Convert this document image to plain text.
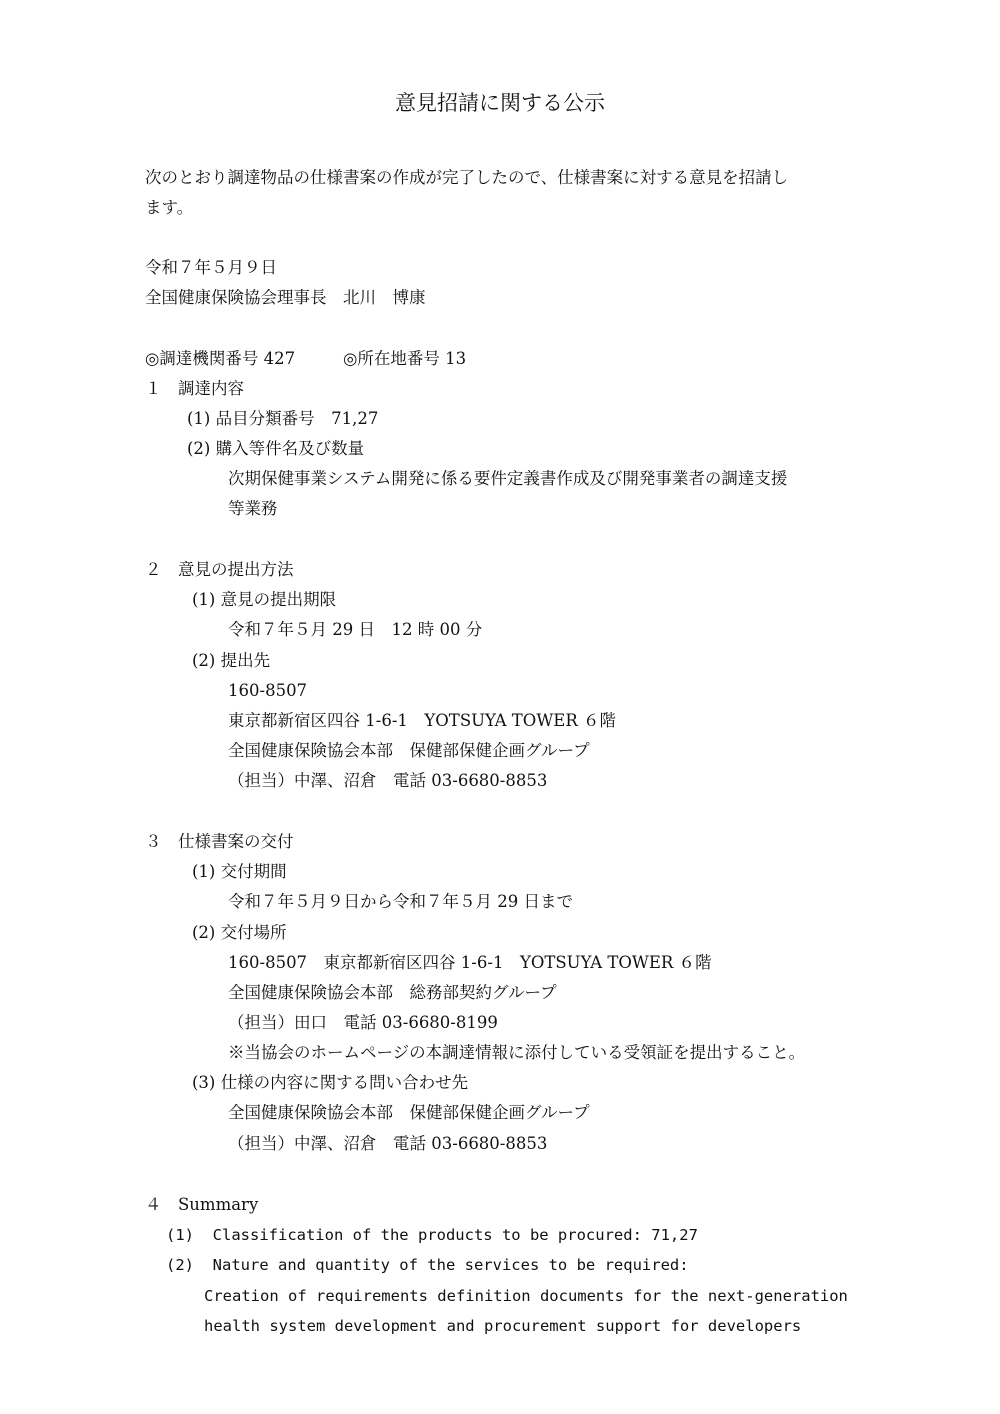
意見招請に関する公示
次のとおり調達物品の仕様書案の作成が完了したので、仕様書案に対する意見を招請し
ます。
令和７年５月９日
全国健康保険協会理事長　北川　博康
◎調達機関番号 427	◎所在地番号 13
１　調達内容
(1) 品目分類番号　71,27
(2) 購入等件名及び数量
次期保健事業システム開発に係る要件定義書作成及び開発事業者の調達支援
等業務
２　意見の提出方法
(1) 意見の提出期限
令和７年５月 29 日　12 時 00 分
(2) 提出先
160-8507
東京都新宿区四谷 1-6-1　YOTSUYA TOWER ６階
全国健康保険協会本部　保健部保健企画グループ
（担当）中澤、沼倉　電話 03-6680-8853
３　仕様書案の交付
(1) 交付期間
令和７年５月９日から令和７年５月 29 日まで
(2) 交付場所
160-8507　東京都新宿区四谷 1-6-1　YOTSUYA TOWER ６階
全国健康保険協会本部　総務部契約グループ
（担当）田口　電話 03-6680-8199
※当協会のホームページの本調達情報に添付している受領証を提出すること。
(3) 仕様の内容に関する問い合わせ先
全国健康保険協会本部　保健部保健企画グループ
（担当）中澤、沼倉　電話 03-6680-8853
４　Summary
(1)  Classification of the products to be procured: 71,27
(2)  Nature and quantity of the services to be required:
Creation of requirements definition documents for the next-generation
health system development and procurement support for developers
